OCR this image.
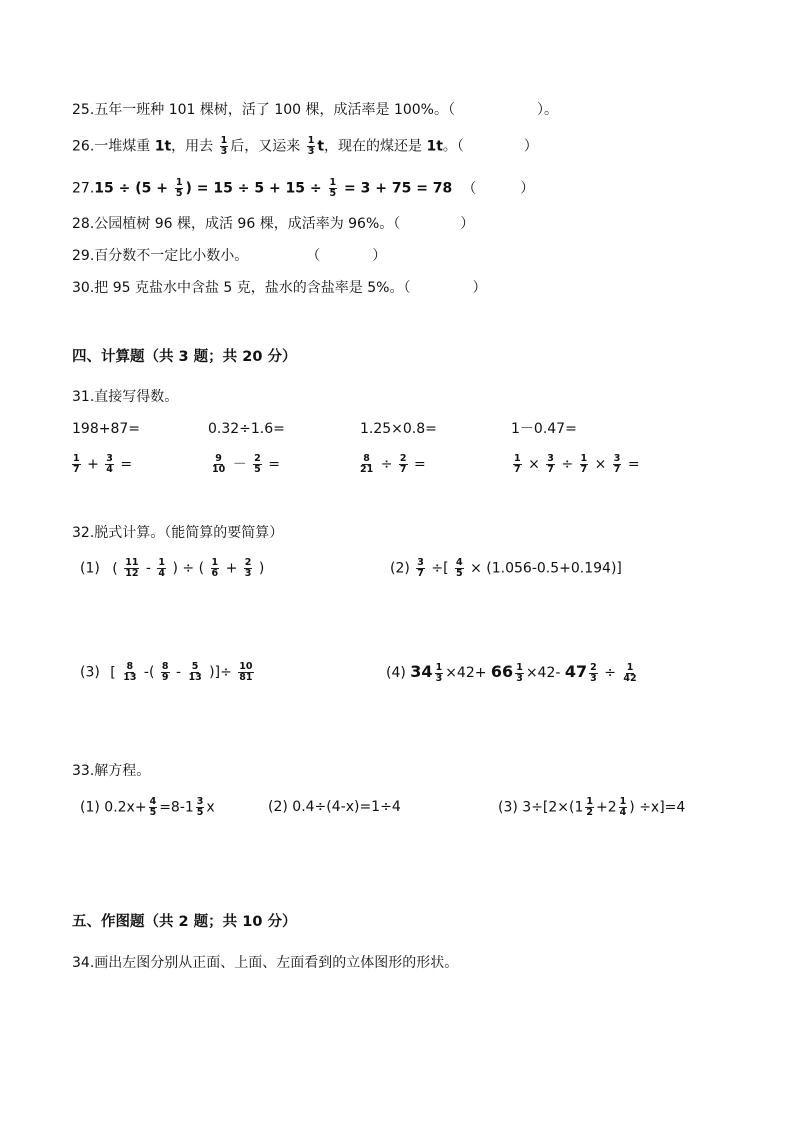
25.五年一班种 101 棵树，活了 100 棵，成活率是 100%。（	）。
26.一堆煤重 1t，用去 $\frac{1}{3}$ 后，又运来 $\frac{1}{3}$ t，现在的煤还是 1t。（	）
$27.15 \div (5 + \frac{1}{5}$ ) = $15 \div 5 + 15 \div \frac{1}{5} = 3 + 75 = 78$ （	）
28.公园植树 96 棵，成活 96 棵，成活率为 96%。（	）
29.百分数不一定比小数小。	（	）
30.把 95 克盐水中含盐 5 克，盐水的含盐率是 5%。（	）
四、计算题（共 3 题；共 20 分）
31.直接写得数。
198+87=	0.32÷1.6=	1.25×0.8=	1－0.47=
$\frac{1}{7} + \frac{3}{4}$ =	$\frac{9}{10} - \frac{2}{5}$ =	$\frac{8}{21} \div \frac{2}{7}$ =	$\frac{1}{7} \times \frac{3}{7} \div \frac{1}{7} \times \frac{3}{7}$ =
32.脱式计算。（能简算的要简算）
(1) ( $\frac{11}{12} - \frac{1}{4}$ ) ÷ ( $\frac{1}{6} + \frac{2}{3}$ )	$(2) \frac{3}{7}$ ÷[ $\frac{4}{5} \times (1.056-0.5+0.194)$]
(3) [ $\frac{8}{13}$ -( $\frac{8}{9} - \frac{5}{13}$ )]÷ $\frac{10}{81}$	(4) $34 \frac{1}{3} \times 42+ 66 \frac{1}{3} \times 42-$ $47 \frac{2}{3} \div \frac{1}{42}$
33.解方程。
(1) $0.2x+ \frac{4}{5} =8-1 \frac{3}{5}$ x	(2) 0.4÷(4-x)=1÷4	(3) $3\div[2\times(1 \frac{1}{2} +2 \frac{1}{4}$ ) ÷x]=4
五、作图题（共 2 题；共 10 分）
34.画出左图分别从正面、上面、左面看到的立体图形的形状。
